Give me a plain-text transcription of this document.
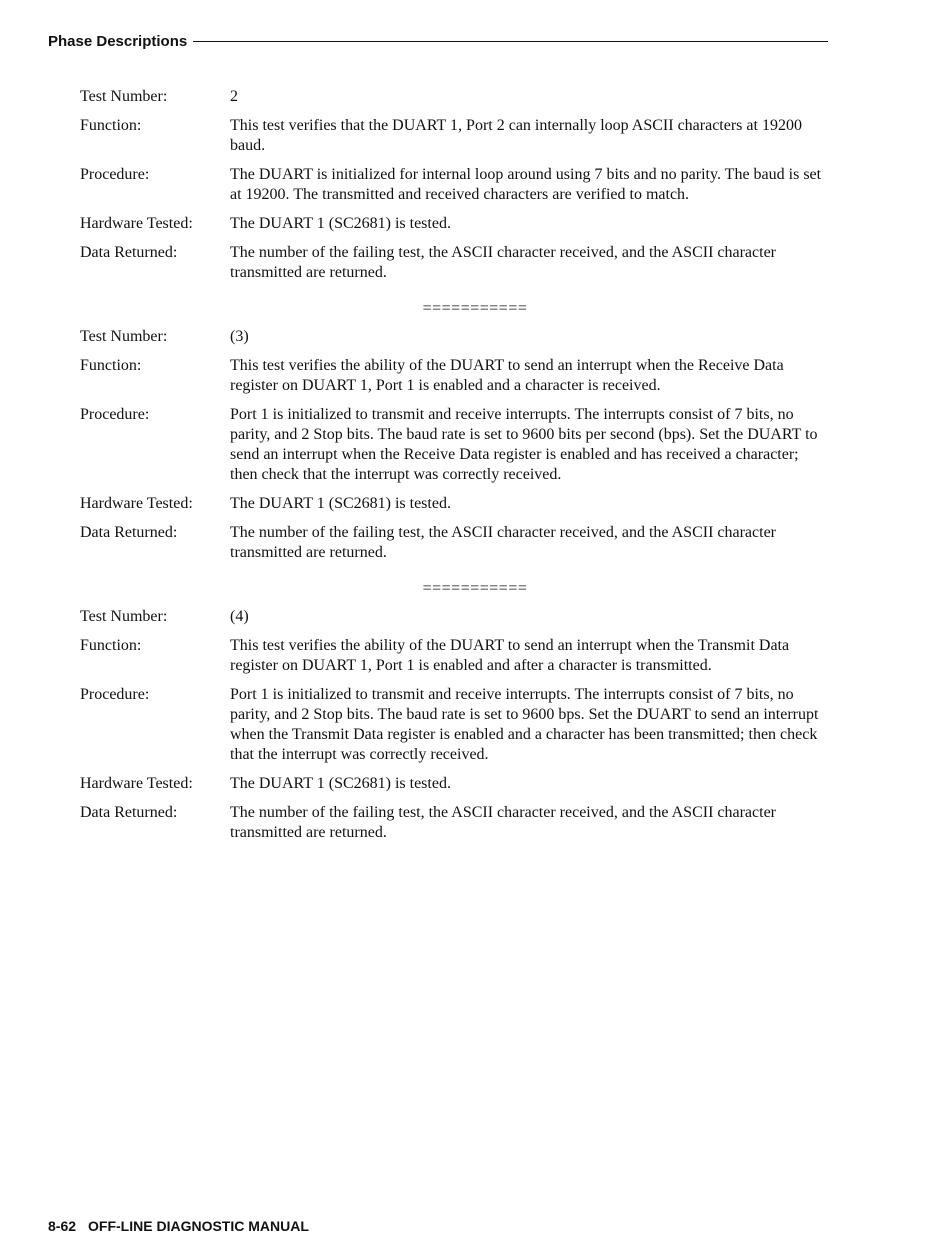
Phase Descriptions
Test Number:	2
Function:	This test verifies that the DUART 1, Port 2 can internally loop ASCII characters at 19200 baud.
Procedure:	The DUART is initialized for internal loop around using 7 bits and no parity. The baud is set at 19200. The transmitted and received characters are verified to match.
Hardware Tested:	The DUART 1 (SC2681) is tested.
Data Returned:	The number of the failing test, the ASCII character received, and the ASCII character transmitted are returned.
===========
Test Number:	(3)
Function:	This test verifies the ability of the DUART to send an interrupt when the Receive Data register on DUART 1, Port 1 is enabled and a character is received.
Procedure:	Port 1 is initialized to transmit and receive interrupts. The interrupts consist of 7 bits, no parity, and 2 Stop bits. The baud rate is set to 9600 bits per second (bps). Set the DUART to send an interrupt when the Receive Data register is enabled and has received a character; then check that the interrupt was correctly received.
Hardware Tested:	The DUART 1 (SC2681) is tested.
Data Returned:	The number of the failing test, the ASCII character received, and the ASCII character transmitted are returned.
===========
Test Number:	(4)
Function:	This test verifies the ability of the DUART to send an interrupt when the Transmit Data register on DUART 1, Port 1 is enabled and after a character is transmitted.
Procedure:	Port 1 is initialized to transmit and receive interrupts. The interrupts consist of 7 bits, no parity, and 2 Stop bits. The baud rate is set to 9600 bps. Set the DUART to send an interrupt when the Transmit Data register is enabled and a character has been transmitted; then check that the interrupt was correctly received.
Hardware Tested:	The DUART 1 (SC2681) is tested.
Data Returned:	The number of the failing test, the ASCII character received, and the ASCII character transmitted are returned.
8-62 OFF-LINE DIAGNOSTIC MANUAL
